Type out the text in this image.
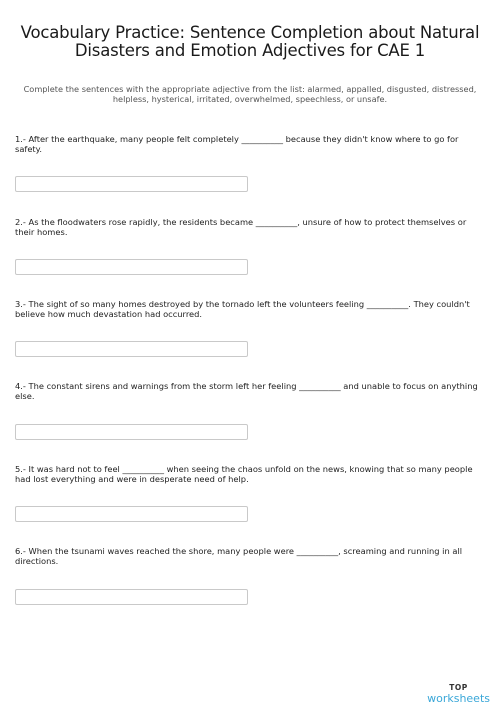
Vocabulary Practice: Sentence Completion about Natural Disasters and Emotion Adjectives for CAE 1
Complete the sentences with the appropriate adjective from the list: alarmed, appalled, disgusted, distressed, helpless, hysterical, irritated, overwhelmed, speechless, or unsafe.
1.- After the earthquake, many people felt completely __________ because they didn't know where to go for safety.
2.- As the floodwaters rose rapidly, the residents became __________, unsure of how to protect themselves or their homes.
3.- The sight of so many homes destroyed by the tornado left the volunteers feeling __________. They couldn't believe how much devastation had occurred.
4.- The constant sirens and warnings from the storm left her feeling __________ and unable to focus on anything else.
5.- It was hard not to feel __________ when seeing the chaos unfold on the news, knowing that so many people had lost everything and were in desperate need of help.
6.- When the tsunami waves reached the shore, many people were __________, screaming and running in all directions.
TOP
worksheets
